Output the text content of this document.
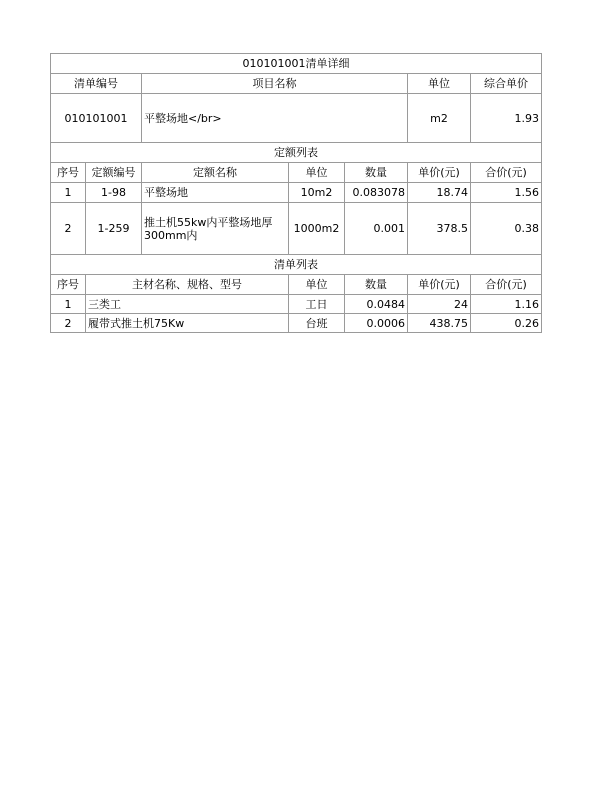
010101001清单详细						
清单编号		项目名称			单位	综合单价
010101001		平整场地</br>			m2	1.93
定额列表						
序号	定额编号	定额名称	单位	数量	单价(元)	合价(元)
1	1-98	平整场地	10m2	0.083078	18.74	1.56
2	1-259	推土机55kw内平整场地厚300mm内	1000m2	0.001	378.5	0.38
清单列表						
序号	主材名称、规格、型号		单位	数量	单价(元)	合价(元)
1	三类工		工日	0.0484	24	1.16
2	履带式推土机75Kw		台班	0.0006	438.75	0.26
